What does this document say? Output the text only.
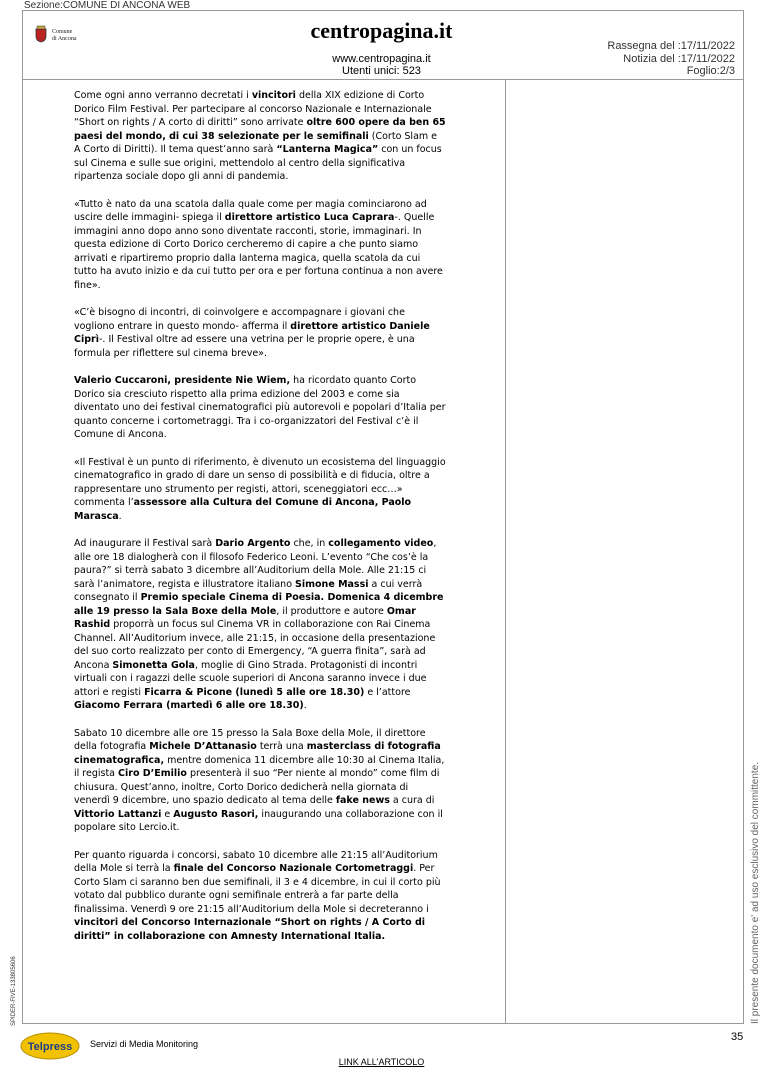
Sezione:COMUNE DI ANCONA WEB
Comune
di Ancona	centropagina.it
www.centropagina.it
Utenti unici: 523
Rassegna del :17/11/2022
Notizia del :17/11/2022
Foglio:2/3

Come ogni anno verranno decretati i vincitori della XIX edizione di Corto Dorico Film Festival. Per partecipare al concorso Nazionale e Internazionale “Short on rights / A corto di diritti” sono arrivate oltre 600 opere da ben 65 paesi del mondo, di cui 38 selezionate per le semifinali (Corto Slam e A Corto di Diritti). Il tema quest’anno sarà “Lanterna Magica” con un focus sul Cinema e sulle sue origini, mettendolo al centro della significativa ripartenza sociale dopo gli anni di pandemia.

«Tutto è nato da una scatola dalla quale come per magia cominciarono ad uscire delle immagini- spiega il direttore artistico Luca Caprara-. Quelle immagini anno dopo anno sono diventate racconti, storie, immaginari. In questa edizione di Corto Dorico cercheremo di capire a che punto siamo arrivati e ripartiremo proprio dalla lanterna magica, quella scatola da cui tutto ha avuto inizio e da cui tutto per ora e per fortuna continua a non avere fine».

«C’è bisogno di incontri, di coinvolgere e accompagnare i giovani che vogliono entrare in questo mondo- afferma il direttore artistico Daniele Ciprì-. Il Festival oltre ad essere una vetrina per le proprie opere, è una formula per riflettere sul cinema breve».

Valerio Cuccaroni, presidente Nie Wiem, ha ricordato quanto Corto Dorico sia cresciuto rispetto alla prima edizione del 2003 e come sia diventato uno dei festival cinematografici più autorevoli e popolari d’Italia per quanto concerne i cortometraggi. Tra i co-organizzatori del Festival c’è il Comune di Ancona.

«Il Festival è un punto di riferimento, è divenuto un ecosistema del linguaggio cinematografico in grado di dare un senso di possibilità e di fiducia, oltre a rappresentare uno strumento per registi, attori, sceneggiatori ecc…» commenta l’assessore alla Cultura del Comune di Ancona, Paolo Marasca.

Ad inaugurare il Festival sarà Dario Argento che, in collegamento video, alle ore 18 dialogherà con il filosofo Federico Leoni. L’evento “Che cos’è la paura?” si terrà sabato 3 dicembre all’Auditorium della Mole. Alle 21:15 ci sarà l’animatore, regista e illustratore italiano Simone Massi a cui verrà consegnato il Premio speciale Cinema di Poesia. Domenica 4 dicembre alle 19 presso la Sala Boxe della Mole, il produttore e autore Omar Rashid proporrà un focus sul Cinema VR in collaborazione con Rai Cinema Channel. All’Auditorium invece, alle 21:15, in occasione della presentazione del suo corto realizzato per conto di Emergency, “A guerra finita”, sarà ad Ancona Simonetta Gola, moglie di Gino Strada. Protagonisti di incontri virtuali con i ragazzi delle scuole superiori di Ancona saranno invece i due attori e registi Ficarra & Picone (lunedì 5 alle ore 18.30) e l’attore Giacomo Ferrara (martedì 6 alle ore 18.30).

Sabato 10 dicembre alle ore 15 presso la Sala Boxe della Mole, il direttore della fotografia Michele D’Attanasio terrà una masterclass di fotografia cinematografica, mentre domenica 11 dicembre alle 10:30 al Cinema Italia, il regista Ciro D’Emilio presenterà il suo “Per niente al mondo” come film di chiusura. Quest’anno, inoltre, Corto Dorico dedicherà nella giornata di venerdì 9 dicembre, uno spazio dedicato al tema delle fake news a cura di Vittorio Lattanzi e Augusto Rasori, inaugurando una collaborazione con il popolare sito Lercio.it.

Per quanto riguarda i concorsi, sabato 10 dicembre alle 21:15 all’Auditorium della Mole si terrà la finale del Concorso Nazionale Cortometraggi. Per Corto Slam ci saranno ben due semifinali, il 3 e 4 dicembre, in cui il corto più votato dal pubblico durante ogni semifinale entrerà a far parte della finalissima. Venerdì 9 ore 21:15 all’Auditorium della Mole si decreteranno i vincitori del Concorso Internazionale “Short on rights / A Corto di diritti” in collaborazione con Amnesty International Italia.	Il presente documento e' ad uso esclusivo del committente.
SPIDER-FIVE-133805606
35
Telpress Servizi di Media Monitoring
LINK ALL'ARTICOLO
